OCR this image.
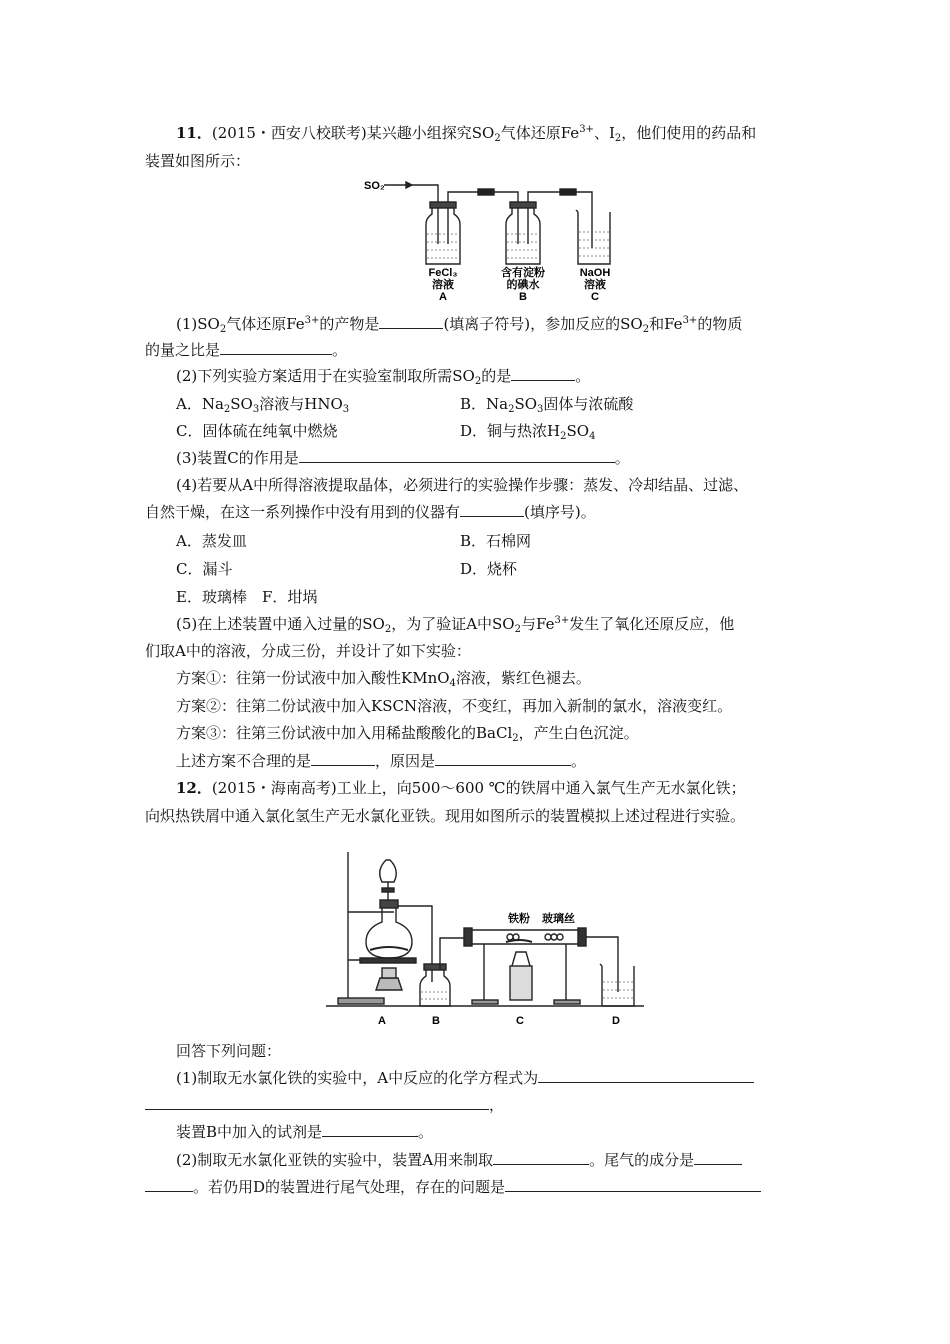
11．(2015・西安八校联考)某兴趣小组探究$SO_2$气体还原$Fe^{3+}$、$I_2$，他们使用的药品和
装置如图所示：
SO₂
FeCl₃
溶液
A
含有淀粉
的碘水
B
NaOH
溶液
C
$(1)SO_2$气体还原$Fe^{3+}$的产物是	(填离子符号)，参加反应的$SO_2$和$Fe^{3+}$的物质
的量之比是	。
(2)下列实验方案适用于在实验室制取所需$SO_2$的是	。
A．$Na_2SO_3$溶液与$HNO_3$	B．$Na_2SO_3$固体与浓硫酸
C．固体硫在纯氧中燃烧	D．铜与热浓$H_2SO_4$
(3)装置C的作用是	。
(4)若要从A中所得溶液提取晶体，必须进行的实验操作步骤：蒸发、冷却结晶、过滤、
自然干燥，在这一系列操作中没有用到的仪器有	(填序号)。
A．蒸发皿	B．石棉网
C．漏斗	D．烧杯
E．玻璃棒　F．坩埚
(5)在上述装置中通入过量的$SO_2$，为了验证A中$SO_2$与$Fe^{3+}$发生了氧化还原反应，他
们取A中的溶液，分成三份，并设计了如下实验：
方案①：往第一份试液中加入酸性KMnO$_4$溶液，紫红色褪去。
方案②：往第二份试液中加入KSCN溶液，不变红，再加入新制的氯水，溶液变红。
方案③：往第三份试液中加入用稀盐酸酸化的BaCl$_2$，产生白色沉淀。
上述方案不合理的是	，原因是	。
12．(2015・海南高考)工业上，向500～600 ℃的铁屑中通入氯气生产无水氯化铁；
向炽热铁屑中通入氯化氢生产无水氯化亚铁。现用如图所示的装置模拟上述过程进行实验。
铁粉 玻璃丝
A	B	C	D
回答下列问题：
(1)制取无水氯化铁的实验中，A中反应的化学方程式为
，
装置B中加入的试剂是	。
(2)制取无水氯化亚铁的实验中，装置A用来制取	。尾气的成分是
。若仍用D的装置进行尾气处理，存在的问题是
